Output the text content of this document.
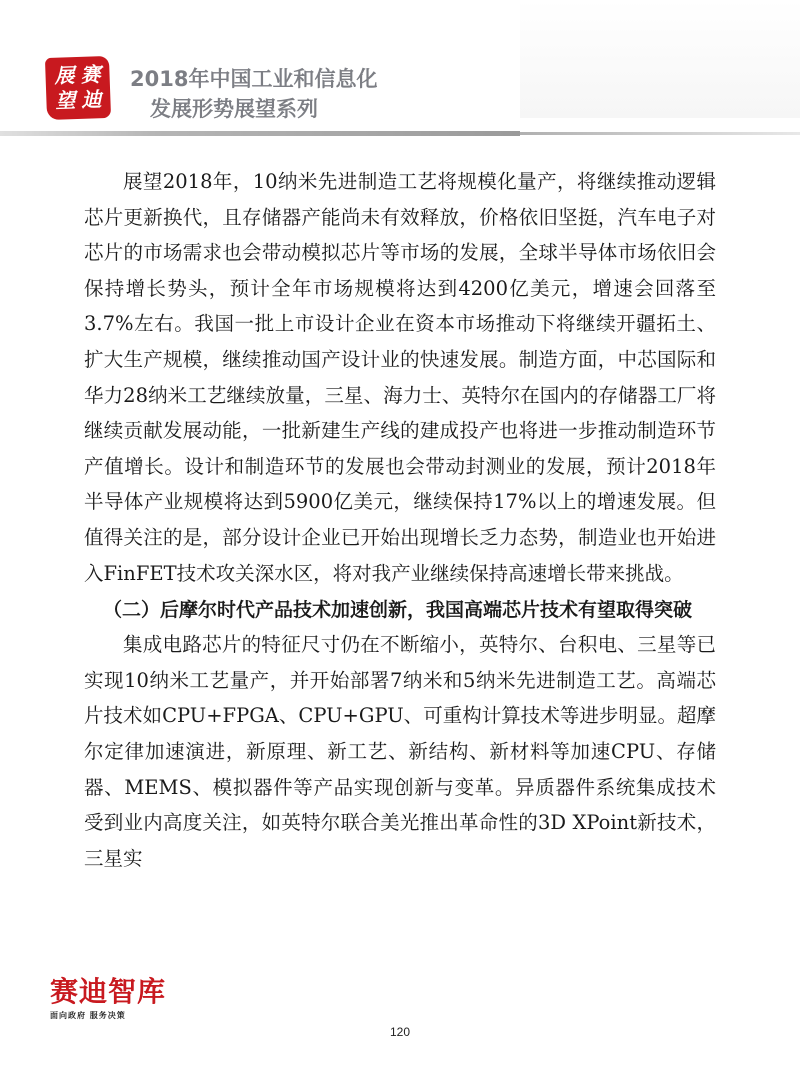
展 赛
望 迪
2018年中国工业和信息化
发展形势展望系列

展望2018年，10纳米先进制造工艺将规模化量产，将继续推动逻辑芯片更新换代，且存储器产能尚未有效释放，价格依旧坚挺，汽车电子对芯片的市场需求也会带动模拟芯片等市场的发展，全球半导体市场依旧会保持增长势头，预计全年市场规模将达到4200亿美元，增速会回落至3.7%左右。我国一批上市设计企业在资本市场推动下将继续开疆拓土、扩大生产规模，继续推动国产设计业的快速发展。制造方面，中芯国际和华力28纳米工艺继续放量，三星、海力士、英特尔在国内的存储器工厂将继续贡献发展动能，一批新建生产线的建成投产也将进一步推动制造环节产值增长。设计和制造环节的发展也会带动封测业的发展，预计2018年半导体产业规模将达到5900亿美元，继续保持17%以上的增速发展。但值得关注的是，部分设计企业已开始出现增长乏力态势，制造业也开始进入FinFET技术攻关深水区，将对我产业继续保持高速增长带来挑战。

（二）后摩尔时代产品技术加速创新，我国高端芯片技术有望取得突破

集成电路芯片的特征尺寸仍在不断缩小，英特尔、台积电、三星等已实现10纳米工艺量产，并开始部署7纳米和5纳米先进制造工艺。高端芯片技术如CPU+FPGA、CPU+GPU、可重构计算技术等进步明显。超摩尔定律加速演进，新原理、新工艺、新结构、新材料等加速CPU、存储器、MEMS、模拟器件等产品实现创新与变革。异质器件系统集成技术受到业内高度关注，如英特尔联合美光推出革命性的3D XPoint新技术，三星实

赛迪智库
面向政府 服务决策
120
